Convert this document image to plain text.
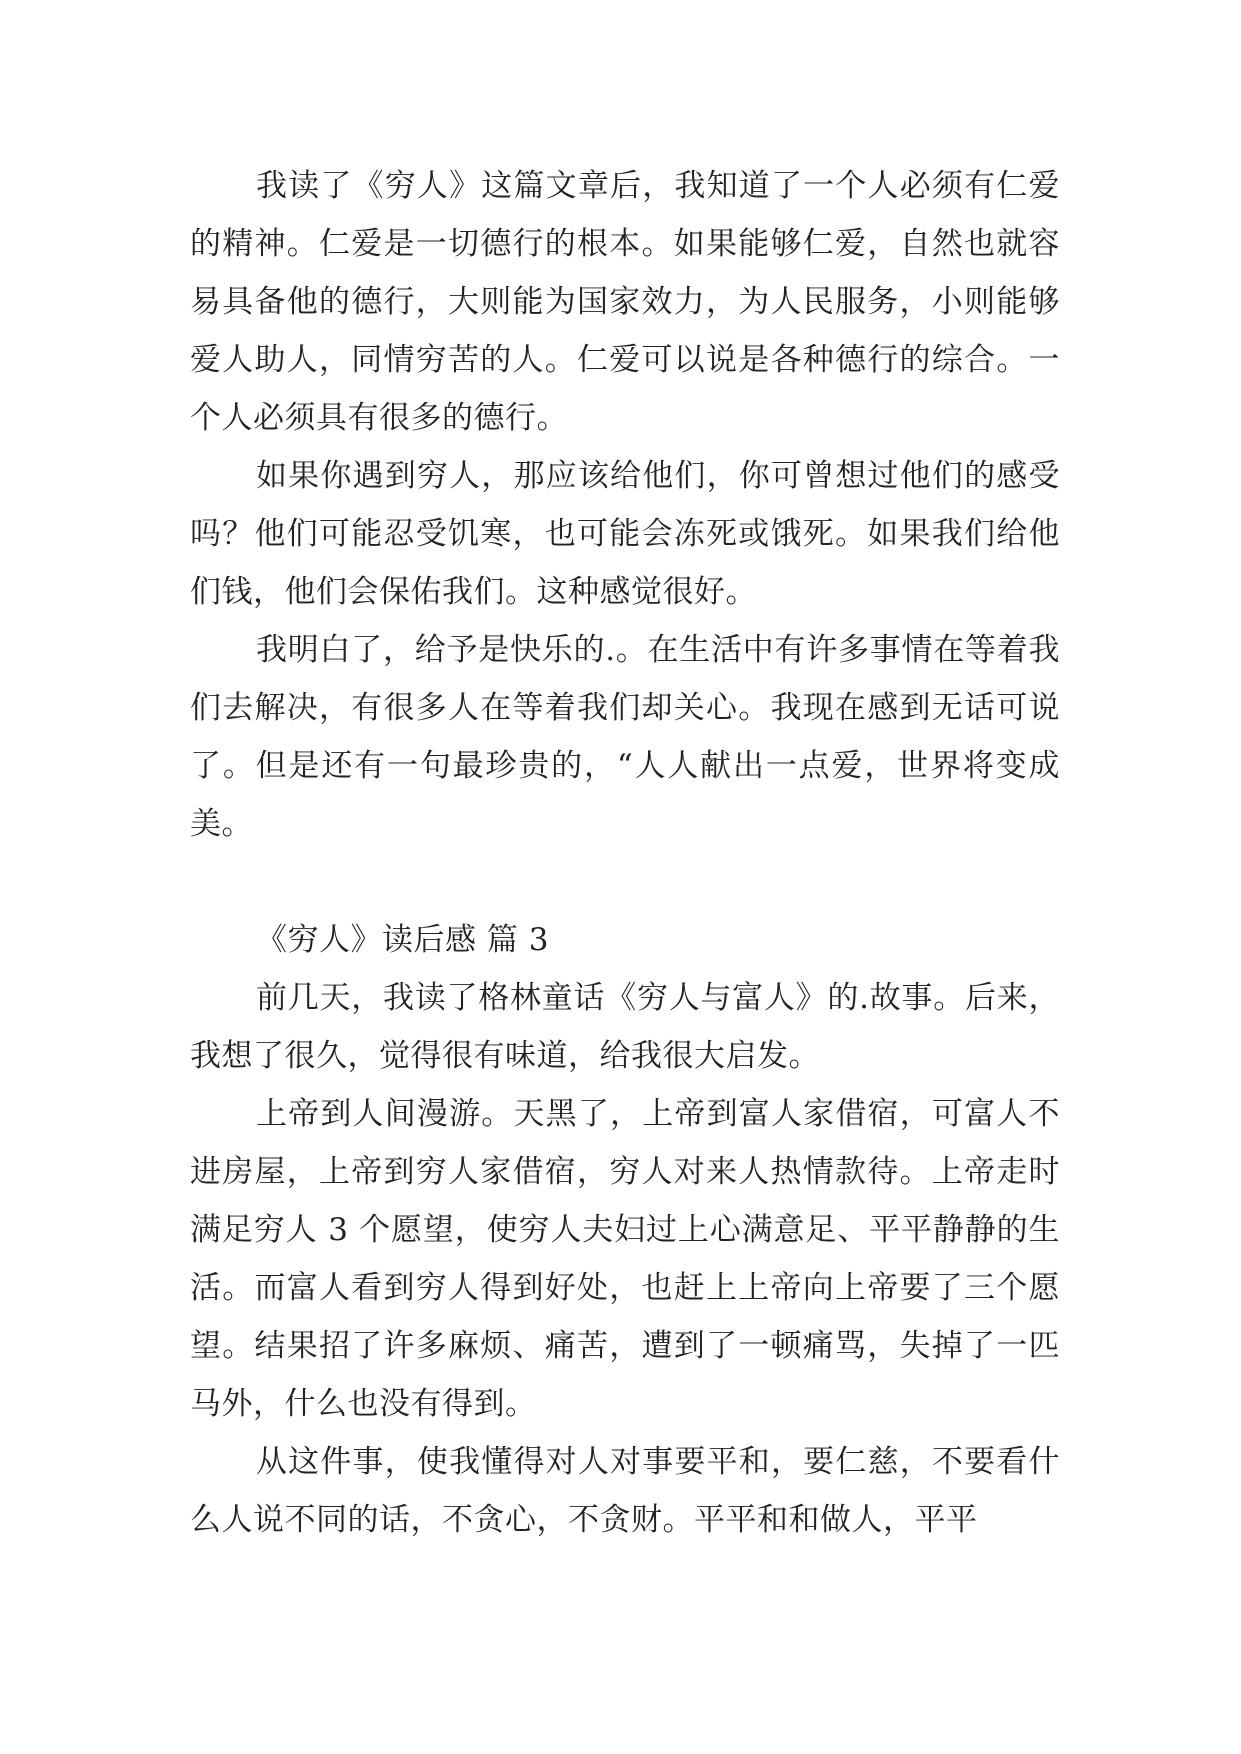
我读了《穷人》这篇文章后，我知道了一个人必须有仁爱的精神。仁爱是一切德行的根本。如果能够仁爱，自然也就容易具备他的德行，大则能为国家效力，为人民服务，小则能够爱人助人，同情穷苦的人。仁爱可以说是各种德行的综合。一个人必须具有很多的德行。

如果你遇到穷人，那应该给他们，你可曾想过他们的感受吗？他们可能忍受饥寒，也可能会冻死或饿死。如果我们给他们钱，他们会保佑我们。这种感觉很好。

我明白了，给予是快乐的.。在生活中有许多事情在等着我们去解决，有很多人在等着我们却关心。我现在感到无话可说了。但是还有一句最珍贵的，“人人献出一点爱，世界将变成美。

《穷人》读后感 篇 3

前几天，我读了格林童话《穷人与富人》的.故事。后来，我想了很久，觉得很有味道，给我很大启发。

上帝到人间漫游。天黑了，上帝到富人家借宿，可富人不进房屋，上帝到穷人家借宿，穷人对来人热情款待。上帝走时满足穷人 3 个愿望，使穷人夫妇过上心满意足、平平静静的生活。而富人看到穷人得到好处，也赶上上帝向上帝要了三个愿望。结果招了许多麻烦、痛苦，遭到了一顿痛骂，失掉了一匹马外，什么也没有得到。

从这件事，使我懂得对人对事要平和，要仁慈，不要看什么人说不同的话，不贪心，不贪财。平平和和做人，平平
